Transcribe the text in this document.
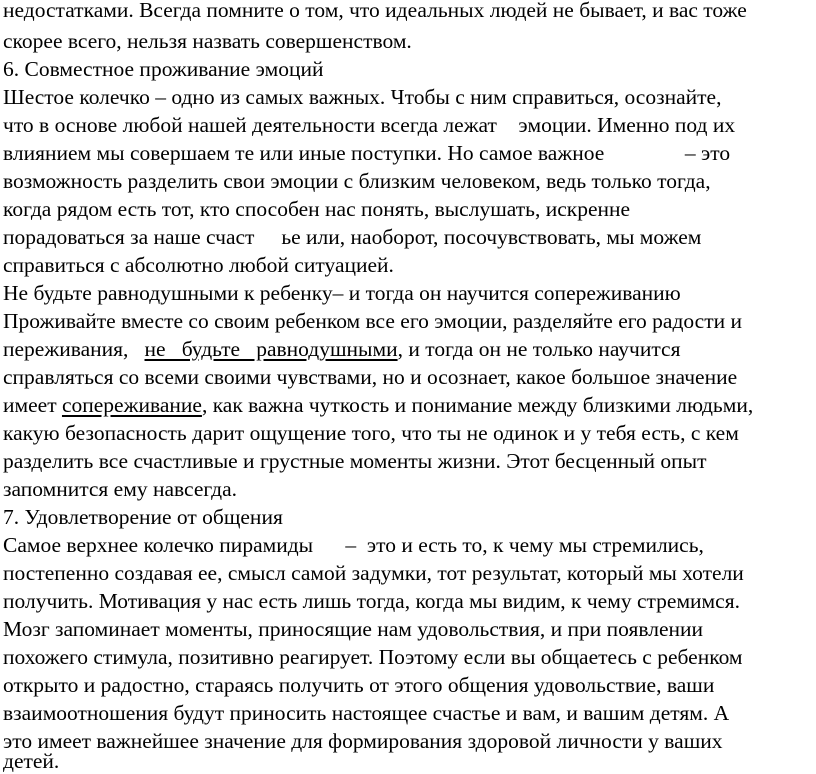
недостатками. Всегда помните о том, что идеальных людей не бывает, и вас тоже
скорее всего, нельзя назвать совершенством.
6. Совместное проживание эмоций
Шестое колечко – одно из самых важных. Чтобы с ним справиться, осознайте,
что в основе любой нашей деятельности всегда лежат    эмоции. Именно под их
влиянием мы совершаем те или иные поступки. Но самое важное               – это
возможность разделить свои эмоции с близким человеком, ведь только тогда,
когда рядом есть тот, кто способен нас понять, выслушать, искренне
порадоваться за наше счаст     ье или, наоборот, посочувствовать, мы можем
справиться с абсолютно любой ситуацией.
Не будьте равнодушными к ребенку– и тогда он научится сопереживанию
Проживайте вместе со своим ребенком все его эмоции, разделяйте его радости и
переживания, не   будьте   равнодушными, и тогда он не только научится
справляться со всеми своими чувствами, но и осознает, какое большое значение
имеет сопереживание, как важна чуткость и понимание между близкими людьми,
какую безопасность дарит ощущение того, что ты не одинок и у тебя есть, с кем
разделить все счастливые и грустные моменты жизни. Этот бесценный опыт
запомнится ему навсегда.
7. Удовлетворение от общения
Самое верхнее колечко пирамиды      –  это и есть то, к чему мы стремились,
постепенно создавая ее, смысл самой задумки, тот результат, который мы хотели
получить. Мотивация у нас есть лишь тогда, когда мы видим, к чему стремимся.
Мозг запоминает моменты, приносящие нам удовольствия, и при появлении
похожего стимула, позитивно реагирует. Поэтому если вы общаетесь с ребенком
открыто и радостно, стараясь получить от этого общения удовольствие, ваши
взаимоотношения будут приносить настоящее счастье и вам, и вашим детям. А
это имеет важнейшее значение для формирования здоровой личности у ваших
детей.
